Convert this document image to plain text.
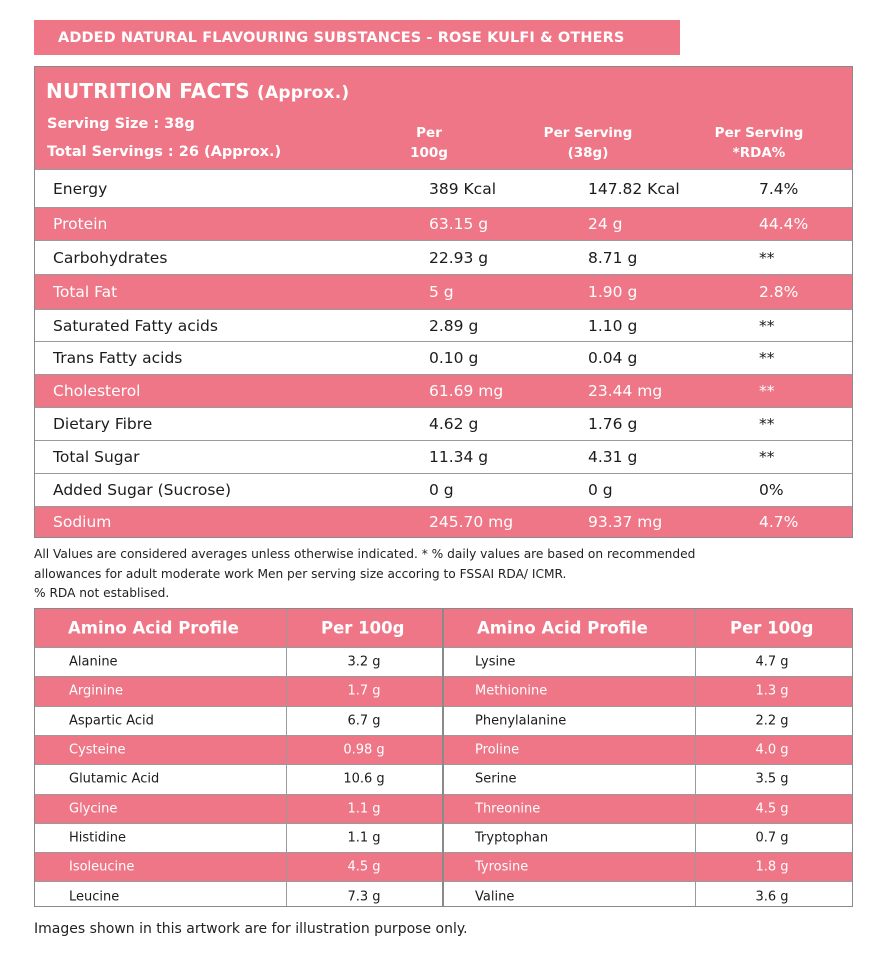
ADDED NATURAL FLAVOURING SUBSTANCES - ROSE KULFI & OTHERS
NUTRITION FACTS (Approx.)
Serving Size : 38g
Total Servings : 26 (Approx.)
Per
100g
Per Serving
(38g)
Per Serving
*RDA%
Energy	389 Kcal	147.82 Kcal	7.4%
Protein	63.15 g	24 g	44.4%
Carbohydrates	22.93 g	8.71 g	**
Total Fat	5 g	1.90 g	2.8%
Saturated Fatty acids	2.89 g	1.10 g	**
Trans Fatty acids	0.10 g	0.04 g	**
Cholesterol	61.69 mg	23.44 mg	**
Dietary Fibre	4.62 g	1.76 g	**
Total Sugar	11.34 g	4.31 g	**
Added Sugar (Sucrose)	0 g	0 g	0%
Sodium	245.70 mg	93.37 mg	4.7%
All Values are considered averages unless otherwise indicated. * % daily values are based on recommended
allowances for adult moderate work Men per serving size accoring to FSSAI RDA/ ICMR.
% RDA not establised.
Amino Acid Profile	Per 100g	Amino Acid Profile	Per 100g
Alanine	3.2 g	Lysine	4.7 g
Arginine	1.7 g	Methionine	1.3 g
Aspartic Acid	6.7 g	Phenylalanine	2.2 g
Cysteine	0.98 g	Proline	4.0 g
Glutamic Acid	10.6 g	Serine	3.5 g
Glycine	1.1 g	Threonine	4.5 g
Histidine	1.1 g	Tryptophan	0.7 g
Isoleucine	4.5 g	Tyrosine	1.8 g
Leucine	7.3 g	Valine	3.6 g
Images shown in this artwork are for illustration purpose only.
